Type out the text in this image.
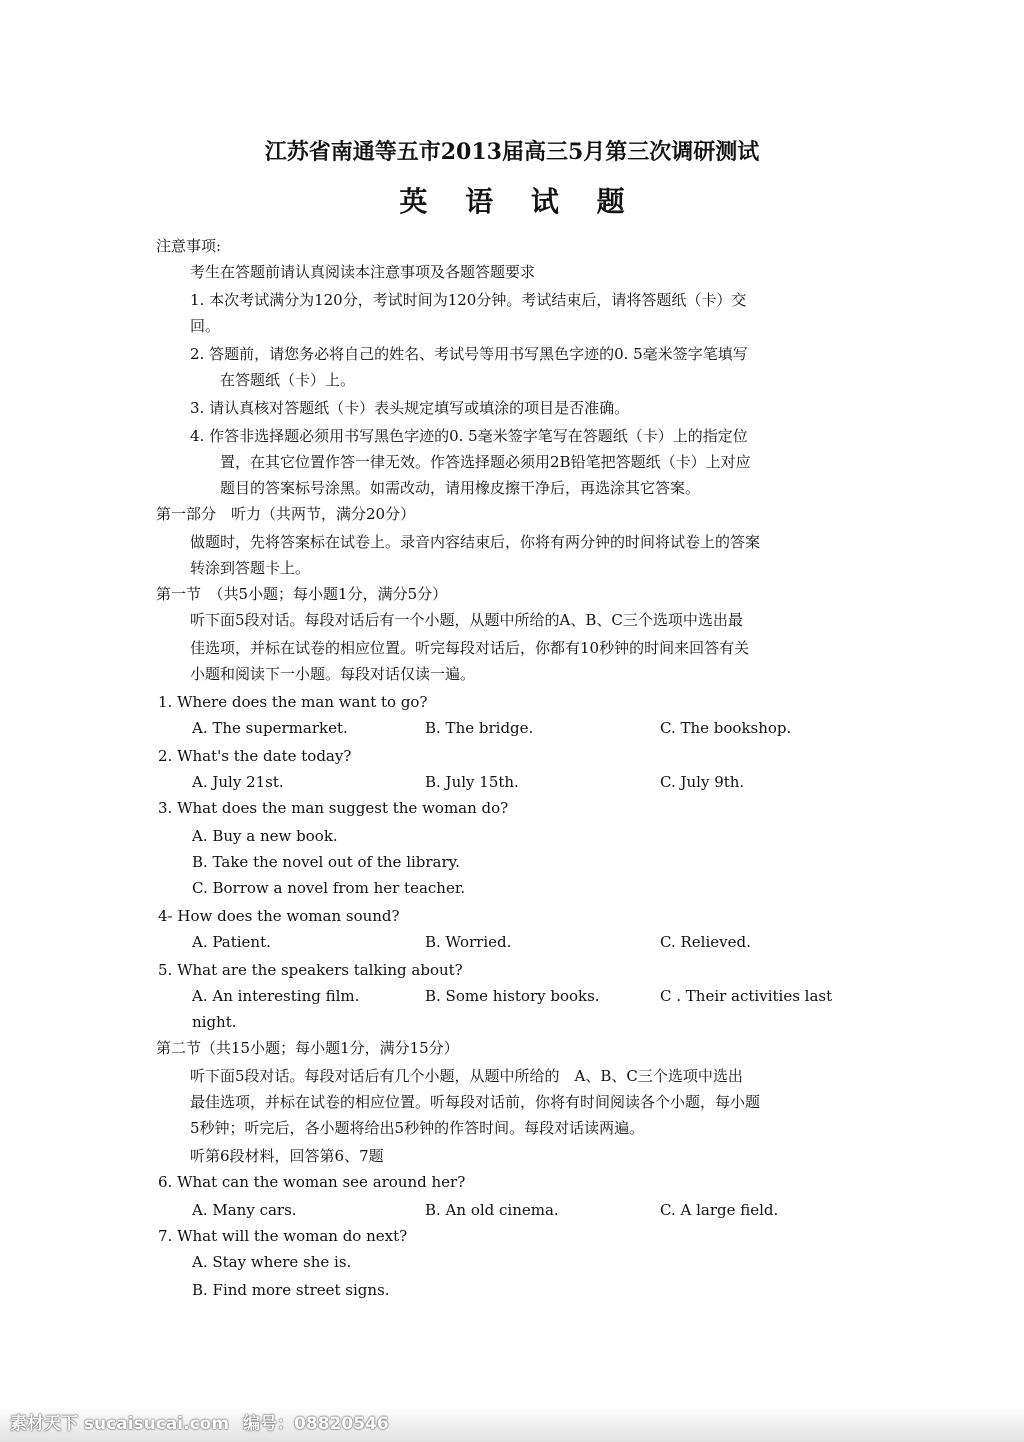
江苏省南通等五市2013届高三5月第三次调研测试
英 语 试 题
注意事项:
考生在答题前请认真阅读本注意事项及各题答题要求
1. 本次考试满分为120分，考试时间为120分钟。考试结束后，请将答题纸（卡）交
回。
2. 答题前，请您务必将自己的姓名、考试号等用书写黑色字迹的0. 5毫米签字笔填写
在答题纸（卡）上。
3. 请认真核对答题纸（卡）表头规定填写或填涂的项目是否准确。
4. 作答非选择题必须用书写黑色字迹的0. 5毫米签字笔写在答题纸（卡）上的指定位
置，在其它位置作答一律无效。作答选择题必须用2B铅笔把答题纸（卡）上对应
题目的答案标号涂黑。如需改动，请用橡皮擦干净后，再选涂其它答案。
第一部分　听力（共两节，满分20分）
做题时，先将答案标在试卷上。录音内容结束后，你将有两分钟的时间将试卷上的答案
转涂到答题卡上。
第一节　（共5小题；每小题1分，满分5分）
听下面5段对话。每段对话后有一个小题，从题中所给的A、B、C三个选项中选出最
佳选项，并标在试卷的相应位置。听完每段对话后，你都有10秒钟的时间来回答有关
小题和阅读下一小题。每段对话仅读一遍。
1. Where does the man want to go?
A. The supermarket.	B. The bridge.	C. The bookshop.
2. What's the date today?
A. July 21st.	B. July 15th.	C. July 9th.
3. What does the man suggest the woman do?
A. Buy a new book.
B. Take the novel out of the library.
C. Borrow a novel from her teacher.
4- How does the woman sound?
A. Patient.	B. Worried.	C. Relieved.
5. What are the speakers talking about?
A. An interesting film.	B. Some history books.	C . Their activities last
night.
第二节（共15小题；每小题1分，满分15分）
听下面5段对话。每段对话后有几个小题，从题中所给的　A、B、C三个选项中选出
最佳选项，并标在试卷的相应位置。听每段对话前，你将有时间阅读各个小题，每小题
5秒钟；听完后，各小题将给出5秒钟的作答时间。每段对话读两遍。
听第6段材料，回答第6、7题
6. What can the woman see around her?
A. Many cars.	B. An old cinema.	C. A large field.
7. What will the woman do next?
A. Stay where she is.
B. Find more street signs.
素材天下 sucaisucai.com 编号：08820546
